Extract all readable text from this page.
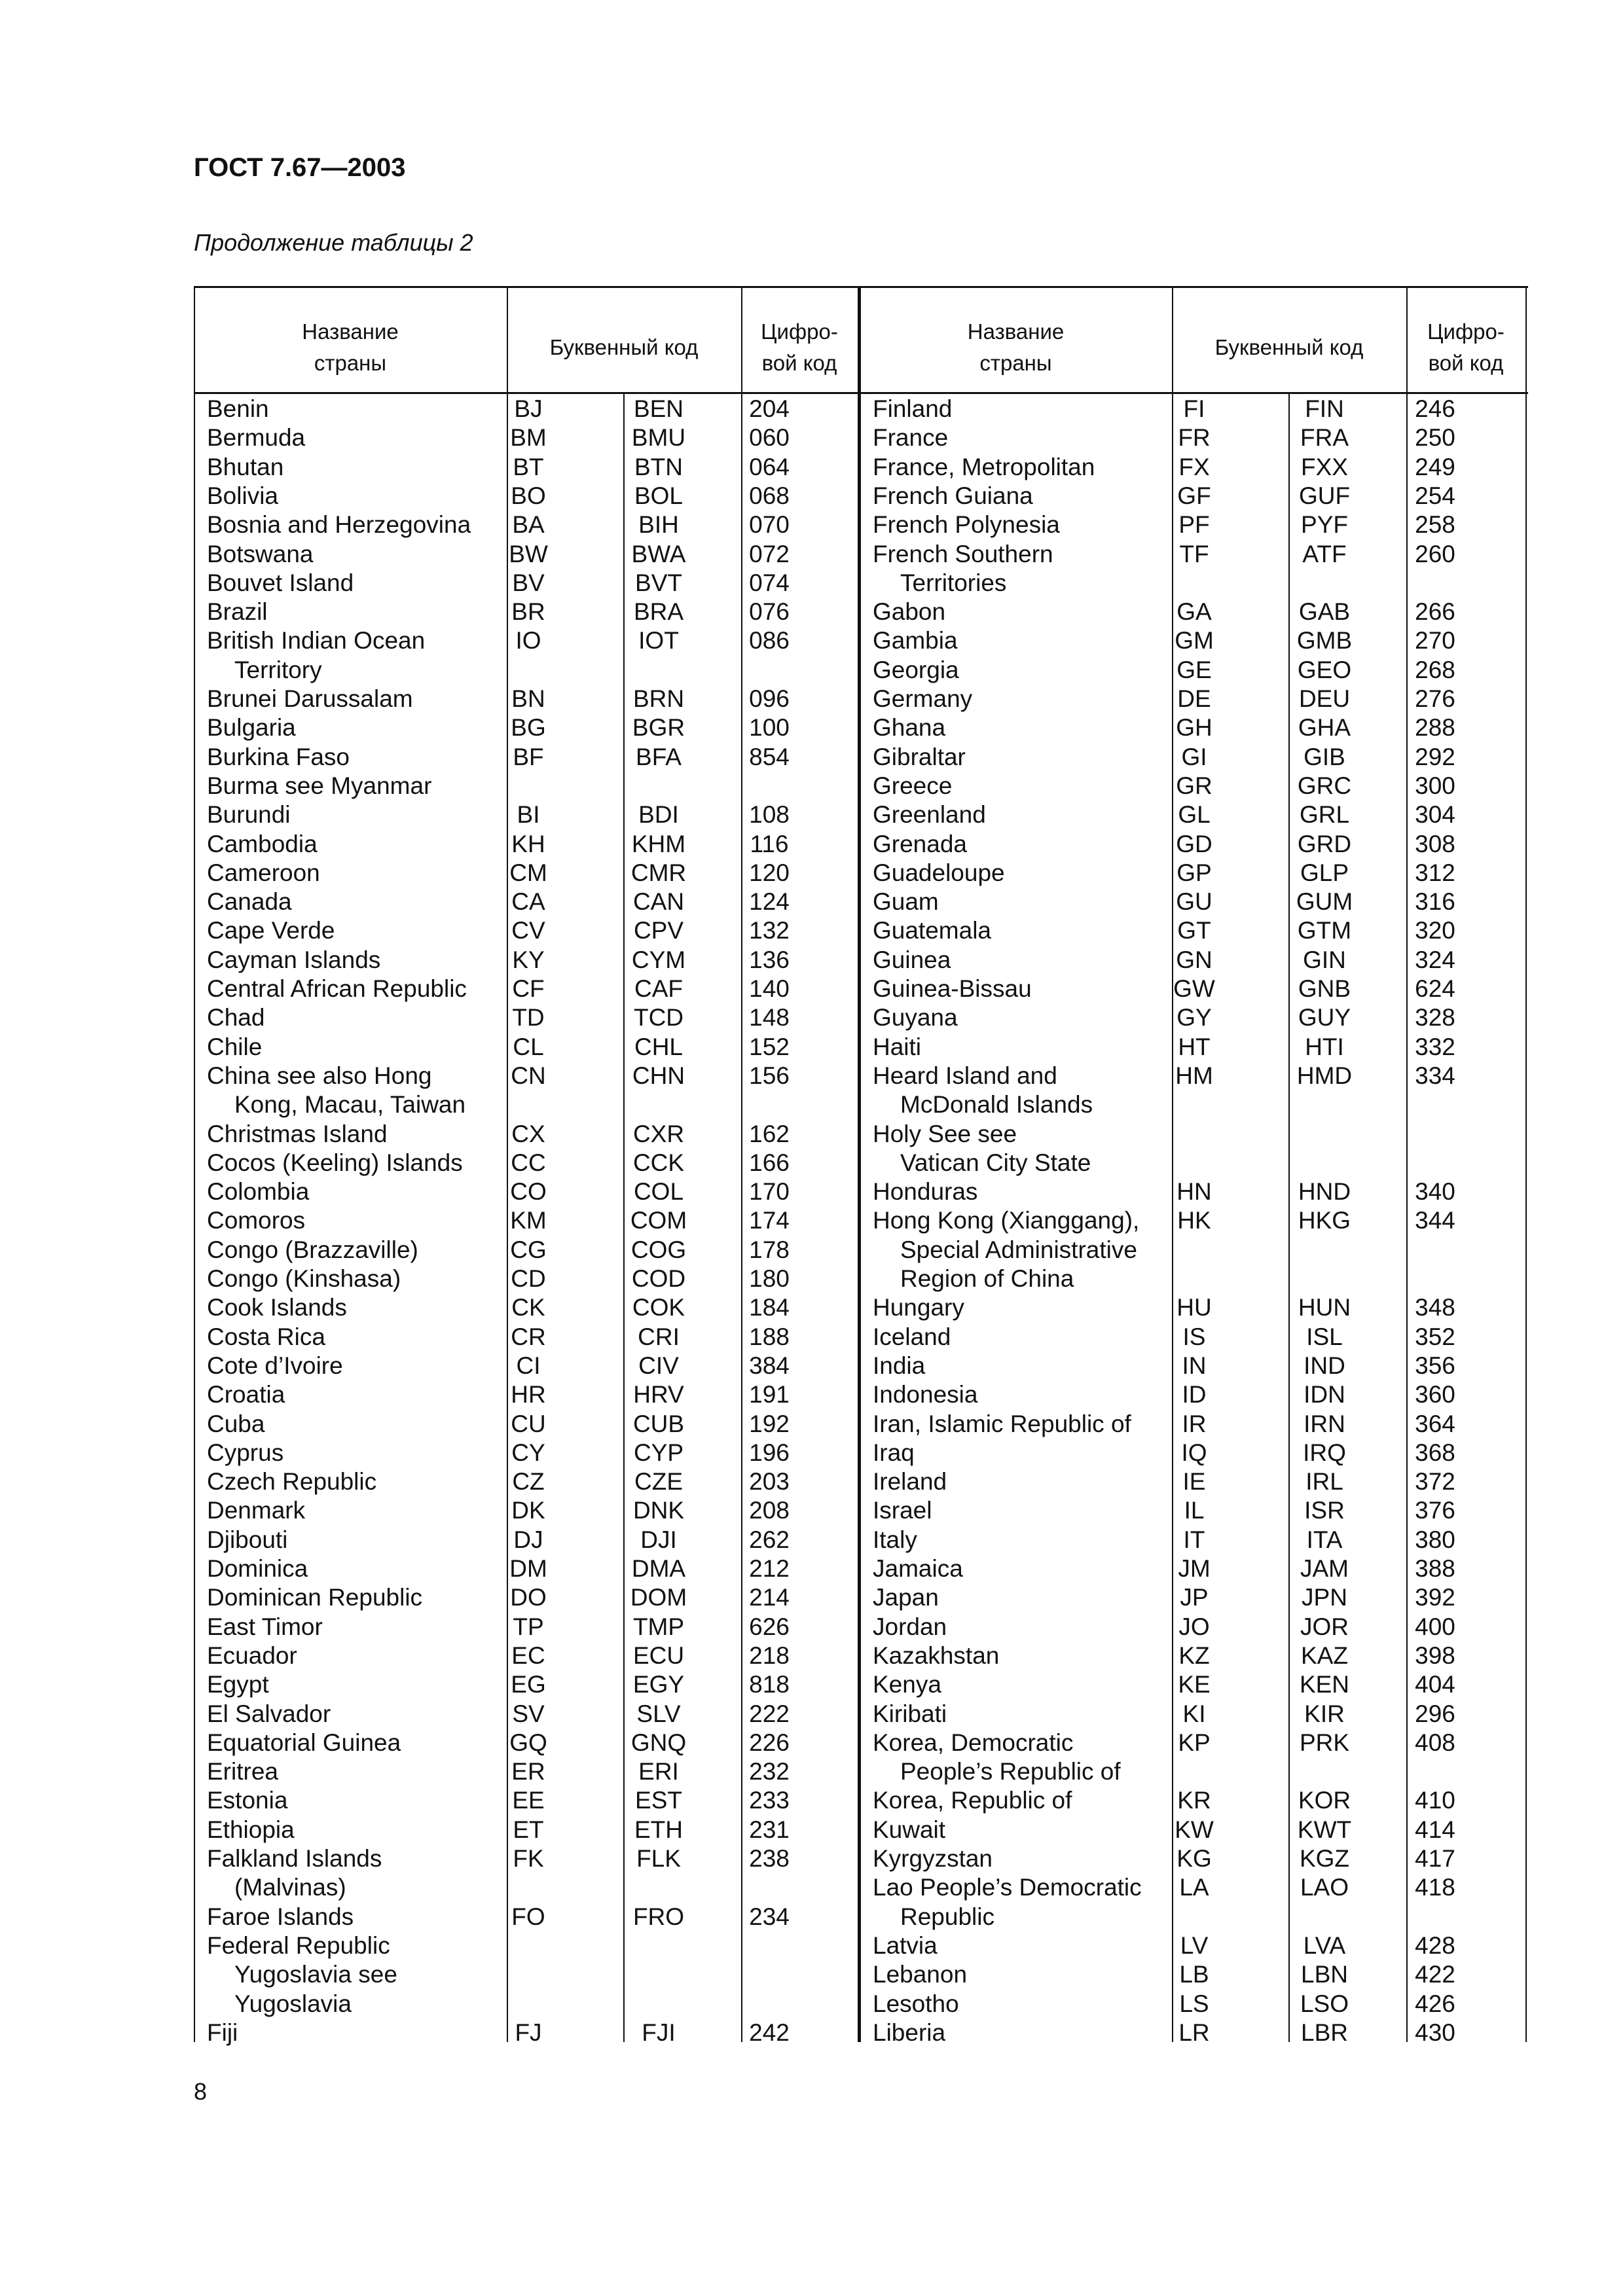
ГОСТ 7.67—2003

Продолжение таблицы 2

Название
страны
Буквенный код
Цифро-
вой код
Название
страны
Буквенный код
Цифро-
вой код
Benin	BJ	BEN	204
Bermuda	BM	BMU	060
Bhutan	BT	BTN	064
Bolivia	BO	BOL	068
Bosnia and Herzegovina	BA	BIH	070
Botswana	BW	BWA	072
Bouvet Island	BV	BVT	074
Brazil	BR	BRA	076
British Indian Ocean	IO	IOT	086
Territory
Brunei Darussalam	BN	BRN	096
Bulgaria	BG	BGR	100
Burkina Faso	BF	BFA	854
Burma see Myanmar
Burundi	BI	BDI	108
Cambodia	KH	KHM	116
Cameroon	CM	CMR	120
Canada	CA	CAN	124
Cape Verde	CV	CPV	132
Cayman Islands	KY	CYM	136
Central African Republic	CF	CAF	140
Chad	TD	TCD	148
Chile	CL	CHL	152
China see also Hong	CN	CHN	156
Kong, Macau, Taiwan
Christmas Island	CX	CXR	162
Cocos (Keeling) Islands	CC	CCK	166
Colombia	CO	COL	170
Comoros	KM	COM	174
Congo (Brazzaville)	CG	COG	178
Congo (Kinshasa)	CD	COD	180
Cook Islands	CK	COK	184
Costa Rica	CR	CRI	188
Cote d’Ivoire	CI	CIV	384
Croatia	HR	HRV	191
Cuba	CU	CUB	192
Cyprus	CY	CYP	196
Czech Republic	CZ	CZE	203
Denmark	DK	DNK	208
Djibouti	DJ	DJI	262
Dominica	DM	DMA	212
Dominican Republic	DO	DOM	214
East Timor	TP	TMP	626
Ecuador	EC	ECU	218
Egypt	EG	EGY	818
El Salvador	SV	SLV	222
Equatorial Guinea	GQ	GNQ	226
Eritrea	ER	ERI	232
Estonia	EE	EST	233
Ethiopia	ET	ETH	231
Falkland Islands	FK	FLK	238
(Malvinas)
Faroe Islands	FO	FRO	234
Federal Republic
Yugoslavia see
Yugoslavia
Fiji	FJ	FJI	242
Finland	FI	FIN	246
France	FR	FRA	250
France, Metropolitan	FX	FXX	249
French Guiana	GF	GUF	254
French Polynesia	PF	PYF	258
French Southern	TF	ATF	260
Territories
Gabon	GA	GAB	266
Gambia	GM	GMB	270
Georgia	GE	GEO	268
Germany	DE	DEU	276
Ghana	GH	GHA	288
Gibraltar	GI	GIB	292
Greece	GR	GRC	300
Greenland	GL	GRL	304
Grenada	GD	GRD	308
Guadeloupe	GP	GLP	312
Guam	GU	GUM	316
Guatemala	GT	GTM	320
Guinea	GN	GIN	324
Guinea-Bissau	GW	GNB	624
Guyana	GY	GUY	328
Haiti	HT	HTI	332
Heard Island and	HM	HMD	334
McDonald Islands
Holy See see
Vatican City State
Honduras	HN	HND	340
Hong Kong (Xianggang),	HK	HKG	344
Special Administrative
Region of China
Hungary	HU	HUN	348
Iceland	IS	ISL	352
India	IN	IND	356
Indonesia	ID	IDN	360
Iran, Islamic Republic of	IR	IRN	364
Iraq	IQ	IRQ	368
Ireland	IE	IRL	372
Israel	IL	ISR	376
Italy	IT	ITA	380
Jamaica	JM	JAM	388
Japan	JP	JPN	392
Jordan	JO	JOR	400
Kazakhstan	KZ	KAZ	398
Kenya	KE	KEN	404
Kiribati	KI	KIR	296
Korea, Democratic	KP	PRK	408
People’s Republic of
Korea, Republic of	KR	KOR	410
Kuwait	KW	KWT	414
Kyrgyzstan	KG	KGZ	417
Lao People’s Democratic	LA	LAO	418
Republic
Latvia	LV	LVA	428
Lebanon	LB	LBN	422
Lesotho	LS	LSO	426
Liberia	LR	LBR	430
8
